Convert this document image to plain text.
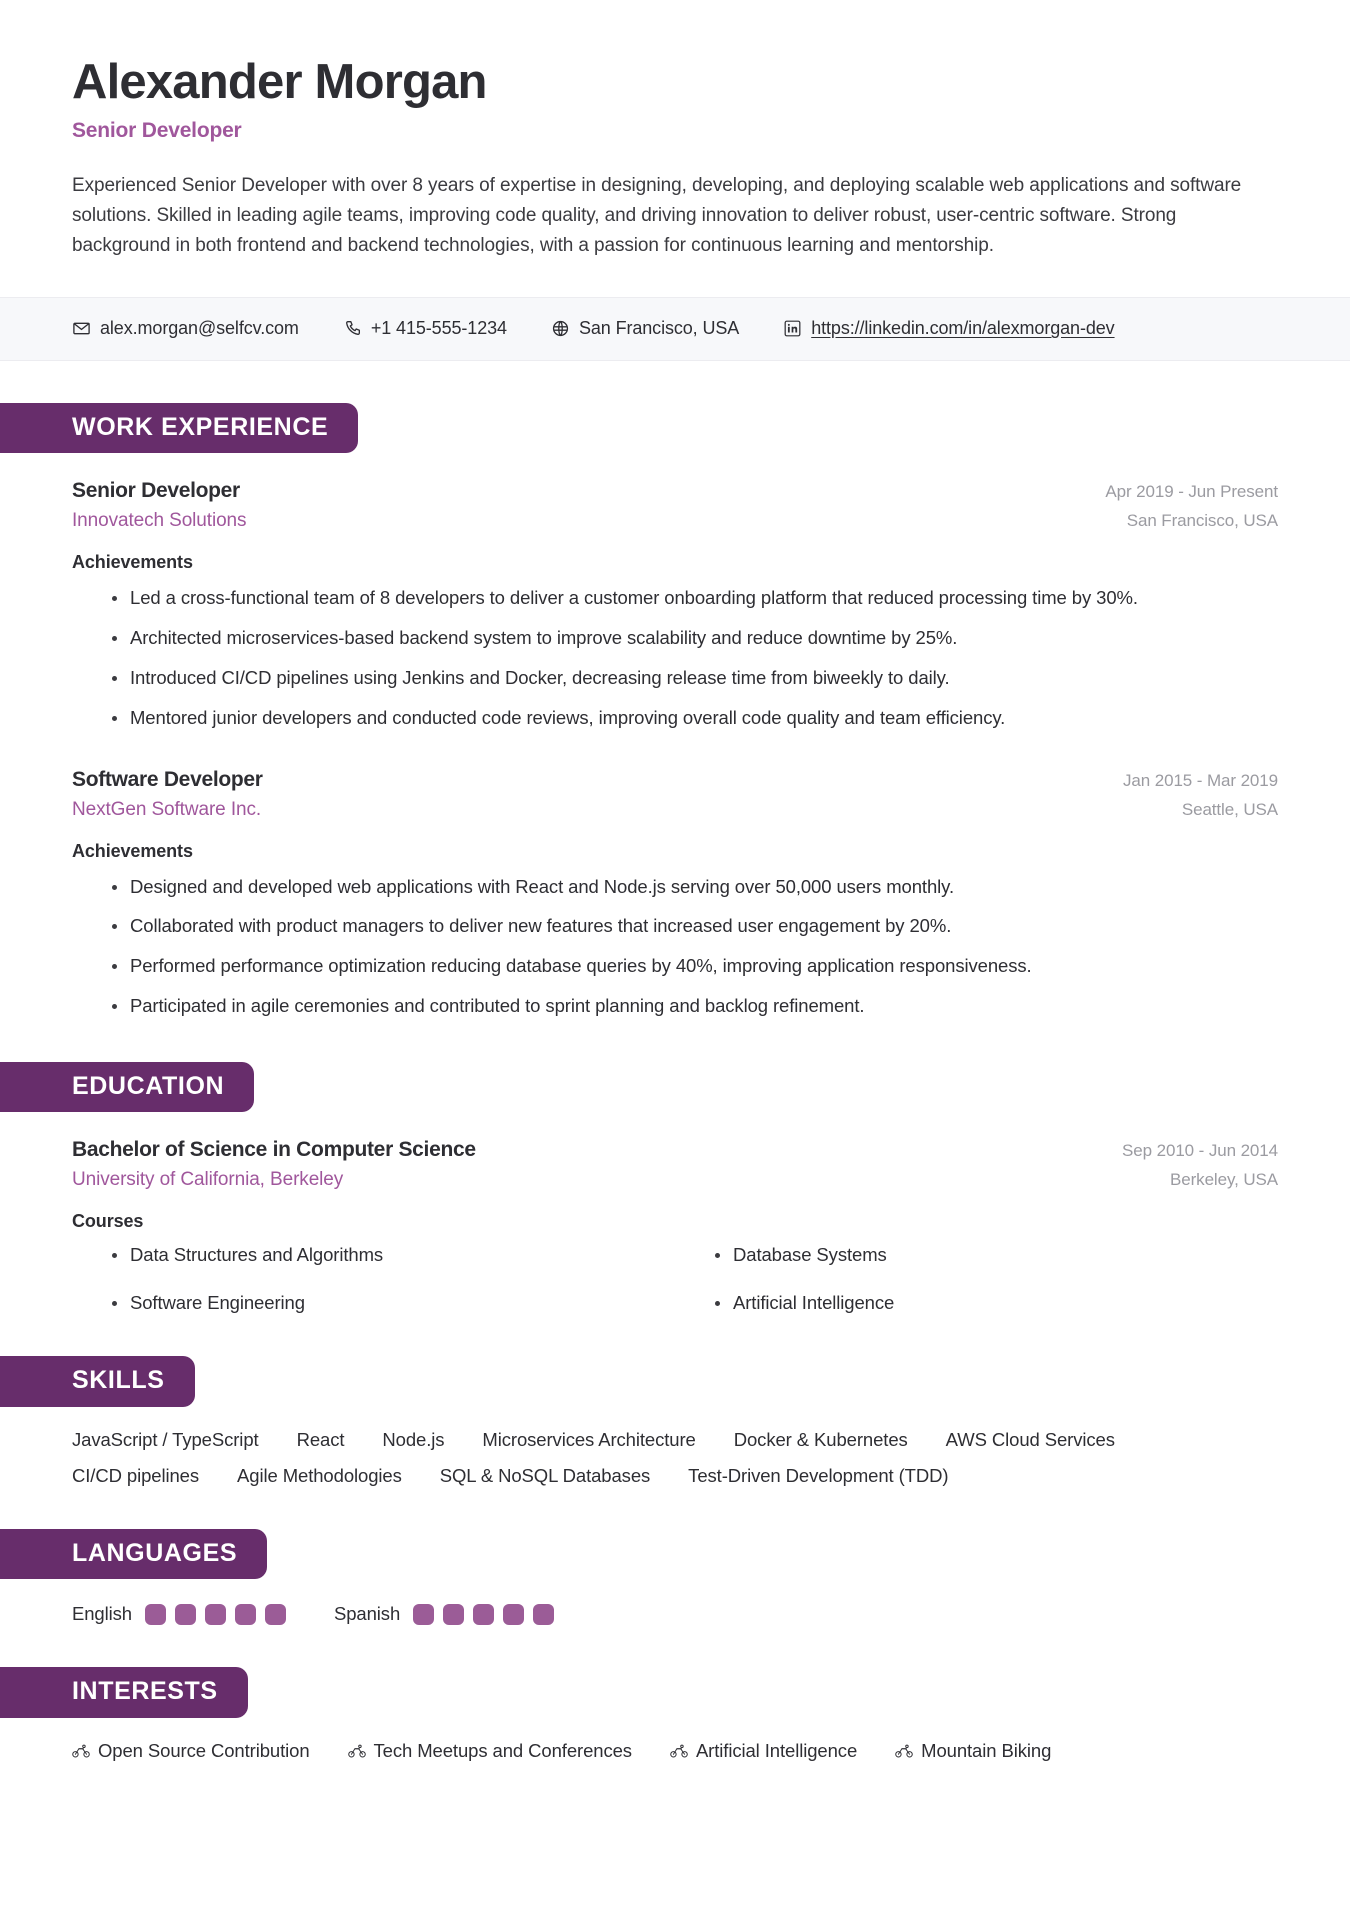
Alexander Morgan
Senior Developer

Experienced Senior Developer with over 8 years of expertise in designing, developing, and deploying scalable web applications and software solutions. Skilled in leading agile teams, improving code quality, and driving innovation to deliver robust, user-centric software. Strong background in both frontend and backend technologies, with a passion for continuous learning and mentorship.

alex.morgan@selfcv.com	+1 415-555-1234	San Francisco, USA	https://linkedin.com/in/alexmorgan-dev
WORK EXPERIENCE
Senior Developer	Apr 2019 - Jun Present
Innovatech Solutions	San Francisco, USA
Achievements
Led a cross-functional team of 8 developers to deliver a customer onboarding platform that reduced processing time by 30%.
Architected microservices-based backend system to improve scalability and reduce downtime by 25%.
Introduced CI/CD pipelines using Jenkins and Docker, decreasing release time from biweekly to daily.
Mentored junior developers and conducted code reviews, improving overall code quality and team efficiency.
Software Developer	Jan 2015 - Mar 2019
NextGen Software Inc.	Seattle, USA
Achievements
Designed and developed web applications with React and Node.js serving over 50,000 users monthly.
Collaborated with product managers to deliver new features that increased user engagement by 20%.
Performed performance optimization reducing database queries by 40%, improving application responsiveness.
Participated in agile ceremonies and contributed to sprint planning and backlog refinement.
EDUCATION
Bachelor of Science in Computer Science	Sep 2010 - Jun 2014
University of California, Berkeley	Berkeley, USA
Courses
Data Structures and Algorithms	Database Systems
Software Engineering	Artificial Intelligence
SKILLS
JavaScript / TypeScript React Node.js Microservices Architecture Docker & Kubernetes AWS Cloud Services
CI/CD pipelines Agile Methodologies SQL & NoSQL Databases Test-Driven Development (TDD)
LANGUAGES
English	Spanish
INTERESTS
Open Source Contribution	Tech Meetups and Conferences	Artificial Intelligence	Mountain Biking
